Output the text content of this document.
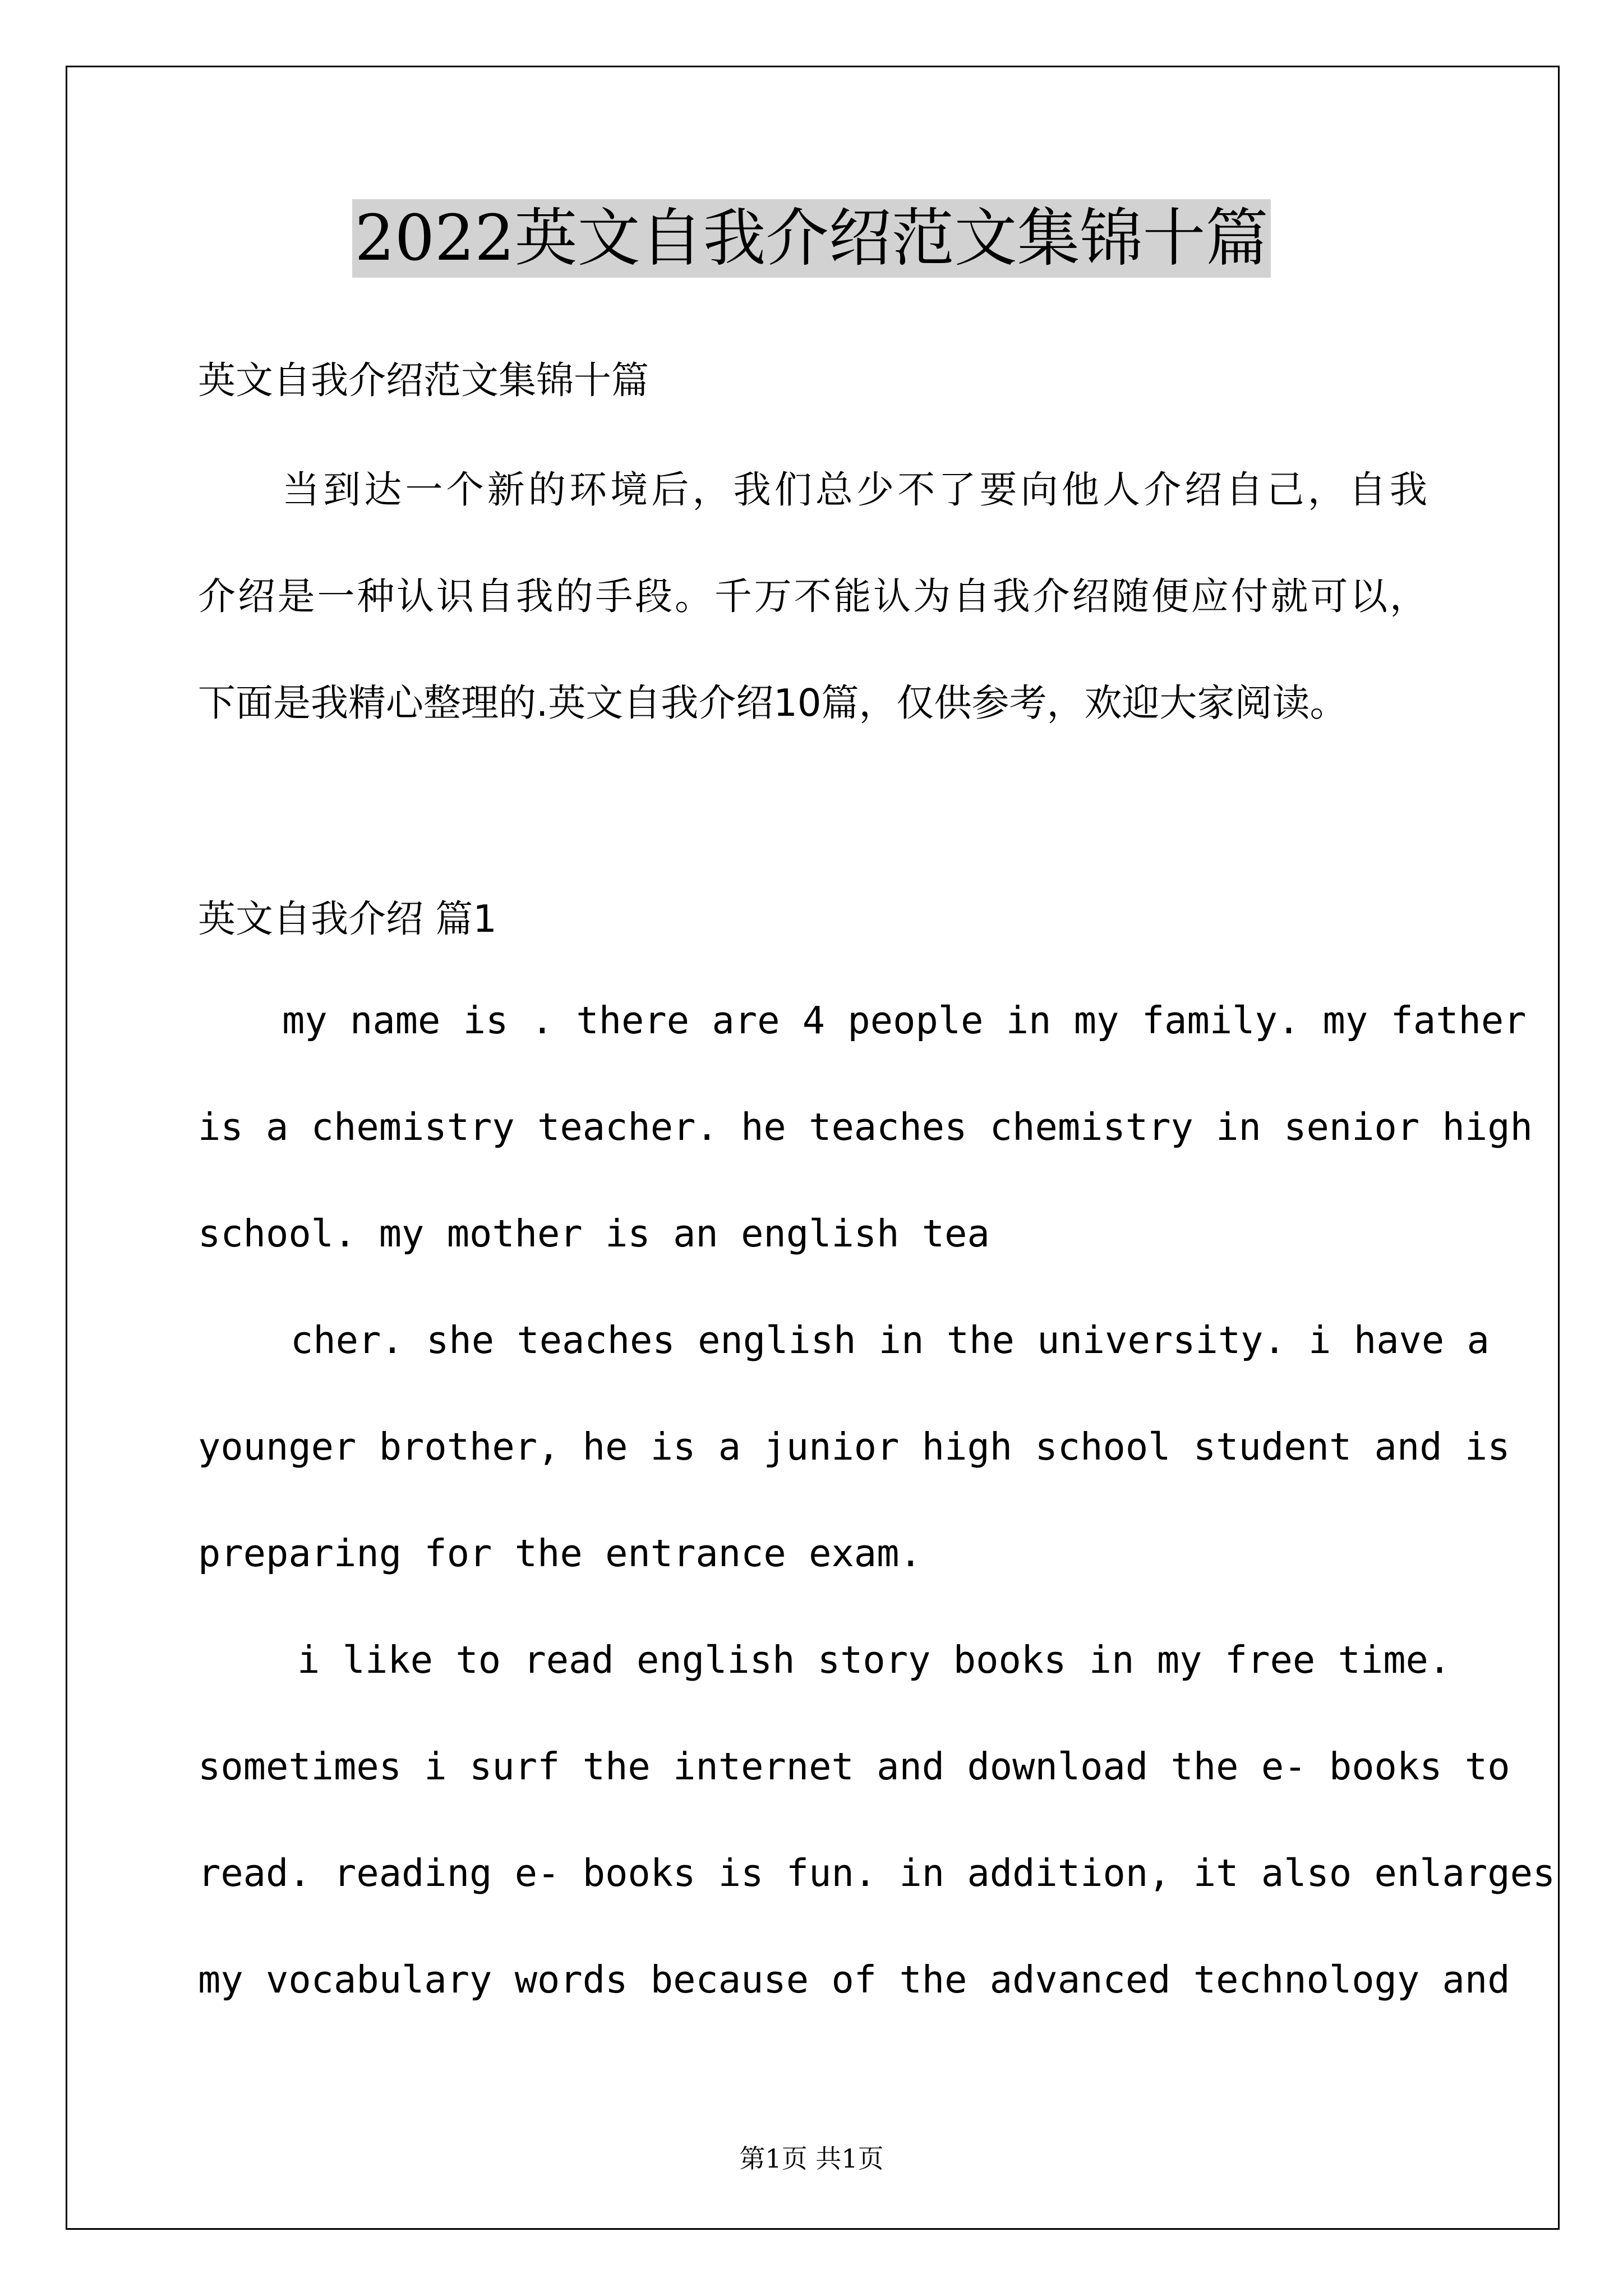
2022英文自我介绍范文集锦十篇
英文自我介绍范文集锦十篇
当到达一个新的环境后，我们总少不了要向他人介绍自己，自我
介绍是一种认识自我的手段。千万不能认为自我介绍随便应付就可以，
下面是我精心整理的.英文自我介绍10篇，仅供参考，欢迎大家阅读。
英文自我介绍 篇1
my name is . there are 4 people in my family. my father
is a chemistry teacher. he teaches chemistry in senior high
school. my mother is an english tea
cher. she teaches english in the university. i have a
younger brother, he is a junior high school student and is
preparing for the entrance exam.
i like to read english story books in my free time.
sometimes i surf the internet and download the e- books to
read. reading e- books is fun. in addition, it also enlarges
my vocabulary words because of the advanced technology and
第1页 共1页
